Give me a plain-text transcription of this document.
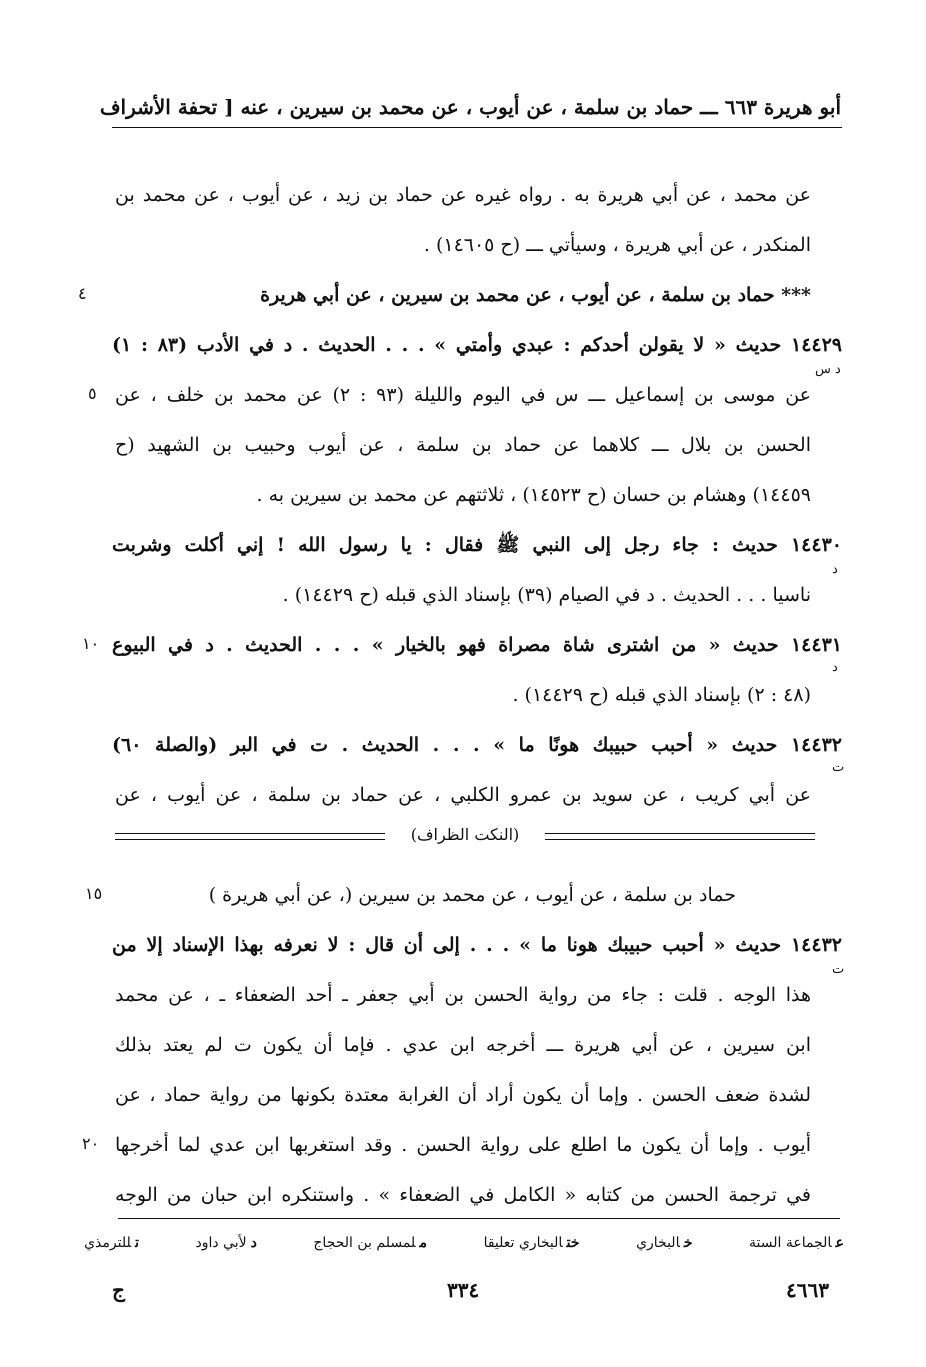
أبو هريرة ٦٦٣ ـــ حماد بن سلمة ، عن أيوب ، عن محمد بن سيرين ، عنه [ تحفة الأشراف
عن محمد ، عن أبي هريرة به . رواه غيره عن حماد بن زيد ، عن أيوب ، عن محمد بن
المنكدر ، عن أبي هريرة ، وسيأتي ـــ (ح ١٤٦٠٥) .
*** حماد بن سلمة ، عن أيوب ، عن محمد بن سيرين ، عن أبي هريرة
١٤٤٢٩ حديث « لا يقولن أحدكم : عبدي وأمتي » . . . الحديث . د في الأدب (٨٣ : ١)
عن موسى بن إسماعيل ـــ س في اليوم والليلة (٩٣ : ٢) عن محمد بن خلف ، عن
الحسن بن بلال ـــ كلاهما عن حماد بن سلمة ، عن أيوب وحبيب بن الشهيد (ح
١٤٤٥٩) وهشام بن حسان (ح ١٤٥٢٣) ، ثلاثتهم عن محمد بن سيرين به .
١٤٤٣٠ حديث : جاء رجل إلى النبي ﷺ فقال : يا رسول الله ! إني أكلت وشربت
ناسيا . . . الحديث . د في الصيام (٣٩) بإسناد الذي قبله (ح ١٤٤٢٩) .
١٤٤٣١ حديث « من اشترى شاة مصراة فهو بالخيار » . . . الحديث . د في البيوع
(٤٨ : ٢) بإسناد الذي قبله (ح ١٤٤٢٩) .
١٤٤٣٢ حديث « أحبب حبيبك هونًا ما » . . . الحديث . ت في البر (والصلة ٦٠)
عن أبي كريب ، عن سويد بن عمرو الكلبي ، عن حماد بن سلمة ، عن أيوب ، عن
(النكت الظراف)
حماد بن سلمة ، عن أيوب ، عن محمد بن سيرين (، عن أبي هريرة )
١٤٤٣٢ حديث « أحبب حبيبك هونا ما » . . . إلى أن قال : لا نعرفه بهذا الإسناد إلا من
هذا الوجه . قلت : جاء من رواية الحسن بن أبي جعفر ـ أحد الضعفاء ـ ، عن محمد
ابن سيرين ، عن أبي هريرة ـــ أخرجه ابن عدي . فإما أن يكون ت لم يعتد بذلك
لشدة ضعف الحسن . وإما أن يكون أراد أن الغرابة معتدة بكونها من رواية حماد ، عن
أيوب . وإما أن يكون ما اطلع على رواية الحسن . وقد استغربها ابن عدي لما أخرجها
في ترجمة الحسن من كتابه « الكامل في الضعفاء » . واستنكره ابن حبان من الوجه
٤
٥
١٠
١٥
٢٠
د س
د
د
ت
ت
عالجماعة الستة
خالبخاري
ختالبخاري تعليقا
ملمسلم بن الحجاج
دلأبي داود
تللترمذي
٤٦٦٣
٣٣٤
ج
